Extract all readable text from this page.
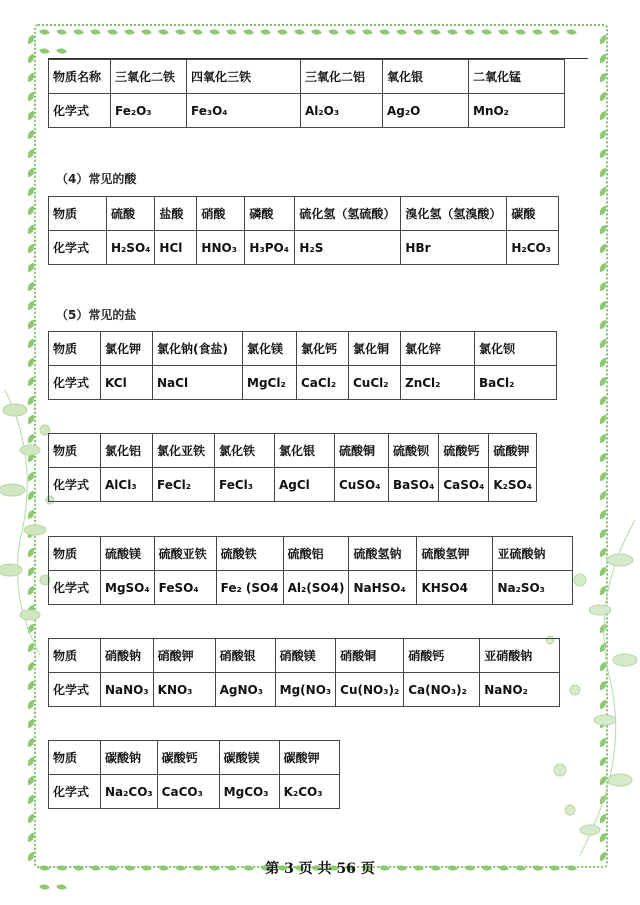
物质名称	三氧化二铁	四氧化三铁	三氧化二铝	氧化银	二氧化锰
化学式	Fe₂O₃	Fe₃O₄	Al₂O₃	Ag₂O	MnO₂
（4）常见的酸
物质	硫酸	盐酸	硝酸	磷酸	硫化氢（氢硫酸）	溴化氢（氢溴酸）	碳酸
化学式	H₂SO₄	HCl	HNO₃	H₃PO₄	H₂S	HBr	H₂CO₃
（5）常见的盐
物质	氯化钾	氯化钠(食盐)	氯化镁	氯化钙	氯化铜	氯化锌	氯化钡
化学式	KCl	NaCl	MgCl₂	CaCl₂	CuCl₂	ZnCl₂	BaCl₂
物质	氯化铝	氯化亚铁	氯化铁	氯化银	硫酸铜	硫酸钡	硫酸钙	硫酸钾
化学式	AlCl₃	FeCl₂	FeCl₃	AgCl	CuSO₄	BaSO₄	CaSO₄	K₂SO₄
物质	硫酸镁	硫酸亚铁	硫酸铁	硫酸铝	硫酸氢钠	硫酸氢钾	亚硫酸钠
化学式	MgSO₄	FeSO₄	Fe₂ (SO4	Al₂(SO4)	NaHSO₄	KHSO4	Na₂SO₃
物质	硝酸钠	硝酸钾	硝酸银	硝酸镁	硝酸铜	硝酸钙	亚硝酸钠
化学式	NaNO₃	KNO₃	AgNO₃	Mg(NO₃	Cu(NO₃)₂	Ca(NO₃)₂	NaNO₂
物质	碳酸钠	碳酸钙	碳酸镁	碳酸钾
化学式	Na₂CO₃	CaCO₃	MgCO₃	K₂CO₃
第 3 页 共 56 页
